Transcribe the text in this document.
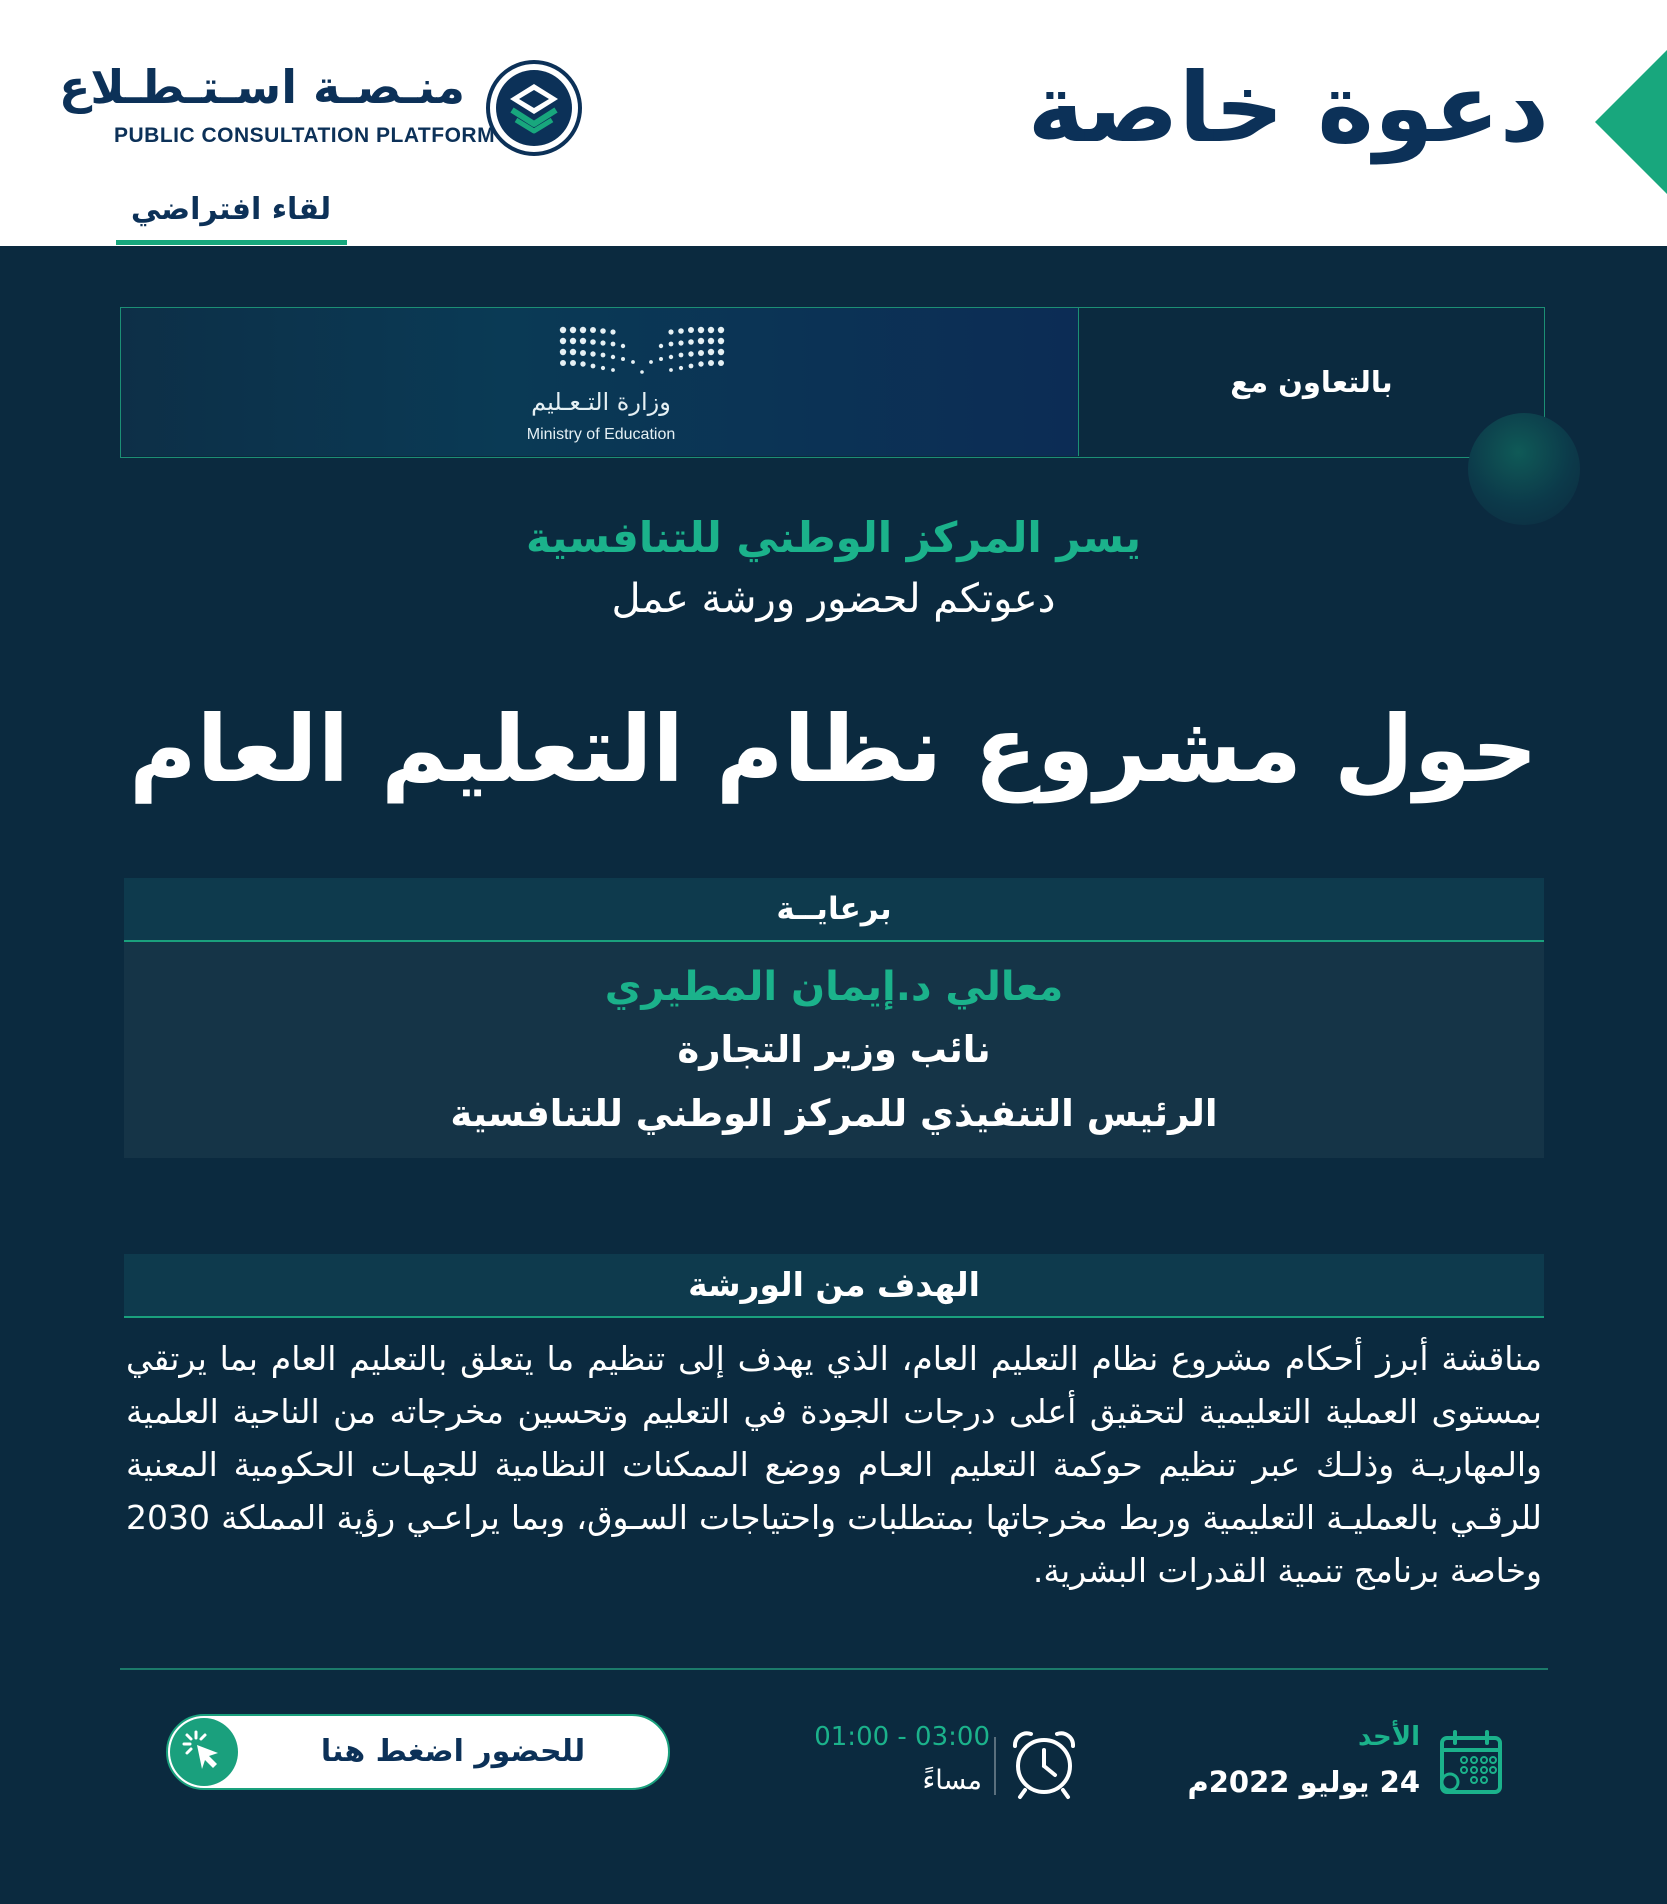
دعوة خاصة
منـصـة اسـتـطـلاع
PUBLIC CONSULTATION PLATFORM
لقاء افتراضي
وزارة التـعـليم
Ministry of Education
بالتعاون مع
يسر المركز الوطني للتنافسية
دعوتكم لحضور ورشة عمل
حول مشروع نظام التعليم العام
برعايــة
معالي د.إيمان المطيري
نائب وزير التجارة
الرئيس التنفيذي للمركز الوطني للتنافسية
الهدف من الورشة

مناقشة أبرز أحكام مشروع نظام التعليم العام، الذي يهدف إلى تنظيم ما يتعلق بالتعليم العام بما يرتقي بمستوى العملية التعليمية لتحقيق أعلى درجات الجودة في التعليم وتحسين مخرجاته من الناحية العلمية والمهاريـة وذلـك عبر تنظيم حوكمة التعليم العـام ووضع الممكنات النظامية للجهـات الحكومية المعنية للرقـي بالعمليـة التعليمية وربط مخرجاتها بمتطلبات واحتياجات السـوق، وبما يراعـي رؤية المملكة 2030 وخاصة برنامج تنمية القدرات البشرية.

الأحد
24 يوليو 2022م
01:00 - 03:00
مساءً
للحضور اضغط هنا
